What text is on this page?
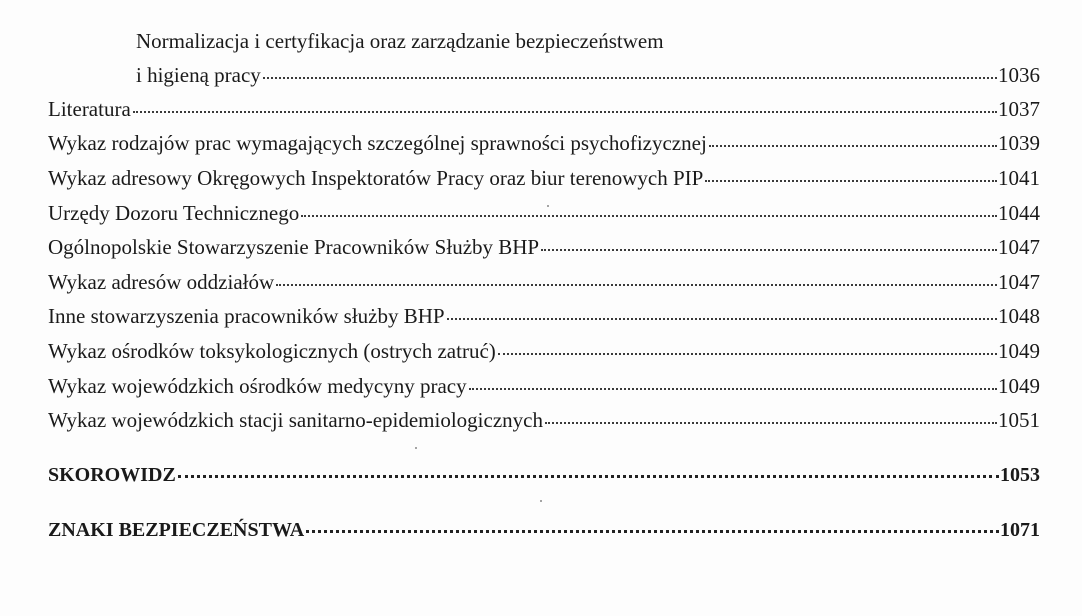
Normalizacja i certyfikacja oraz zarządzanie bezpieczeństwem
i higieną pracy	1036
Literatura	1037
Wykaz rodzajów prac wymagających szczególnej sprawności psychofizycznej	1039
Wykaz adresowy Okręgowych Inspektoratów Pracy oraz biur terenowych PIP	1041
Urzędy Dozoru Technicznego	1044
Ogólnopolskie Stowarzyszenie Pracowników Służby BHP	1047
Wykaz adresów oddziałów	1047
Inne stowarzyszenia pracowników służby BHP	1048
Wykaz ośrodków toksykologicznych (ostrych zatruć)	1049
Wykaz wojewódzkich ośrodków medycyny pracy	1049
Wykaz wojewódzkich stacji sanitarno-epidemiologicznych	1051
SKOROWIDZ	1053
ZNAKI BEZPIECZEŃSTWA	1071
